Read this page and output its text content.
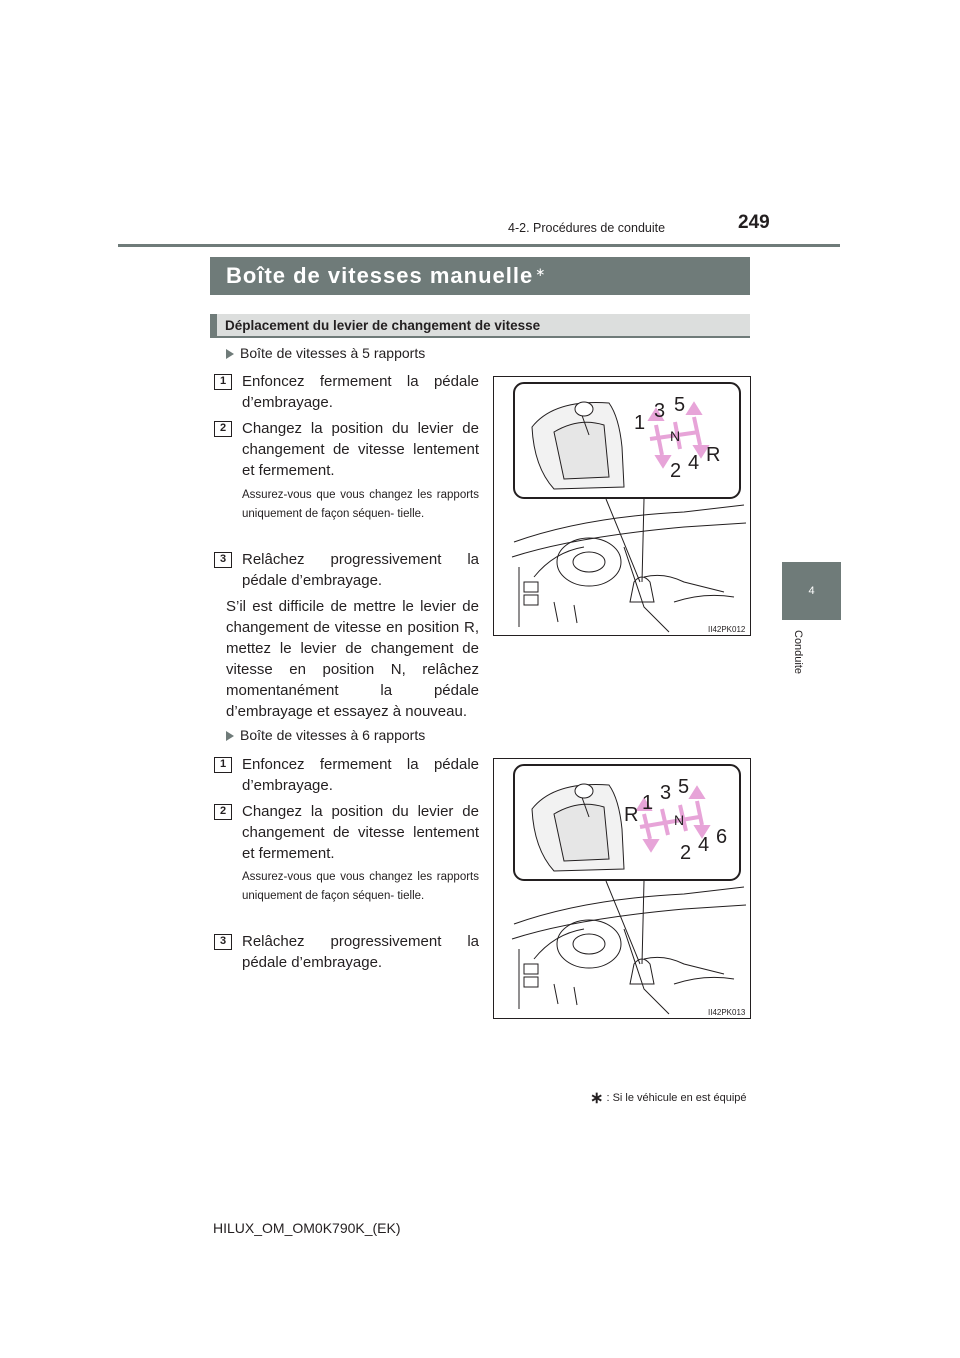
4-2. Procédures de conduite	249
4
Conduite
Boîte de vitesses manuelle ∗
Déplacement du levier de changement de vitesse
Boîte de vitesses à 5 rapports
1	Enfoncez fermement la pédale d’embrayage.
2	Changez la position du levier de changement de vitesse lentement et fermement.
Assurez-vous que vous changez les rapports uniquement de façon séquen- tielle.
3	Relâchez progressivement la pédale d’embrayage.
S’il est difficile de mettre le levier de changement de vitesse en position R, mettez le levier de changement de vitesse en position N, relâchez momentanément la pédale d’embrayage et essayez à nouveau.
1
3 5
N
2 4 R
II42PK012
Boîte de vitesses à 6 rapports
1	Enfoncez fermement la pédale d’embrayage.
2	Changez la position du levier de changement de vitesse lentement et fermement.
Assurez-vous que vous changez les rapports uniquement de façon séquen- tielle.
3	Relâchez progressivement la pédale d’embrayage.
R
1 3 5
N
2 4 6
II42PK013
∗ : Si le véhicule en est équipé
HILUX_OM_OM0K790K_(EK)
